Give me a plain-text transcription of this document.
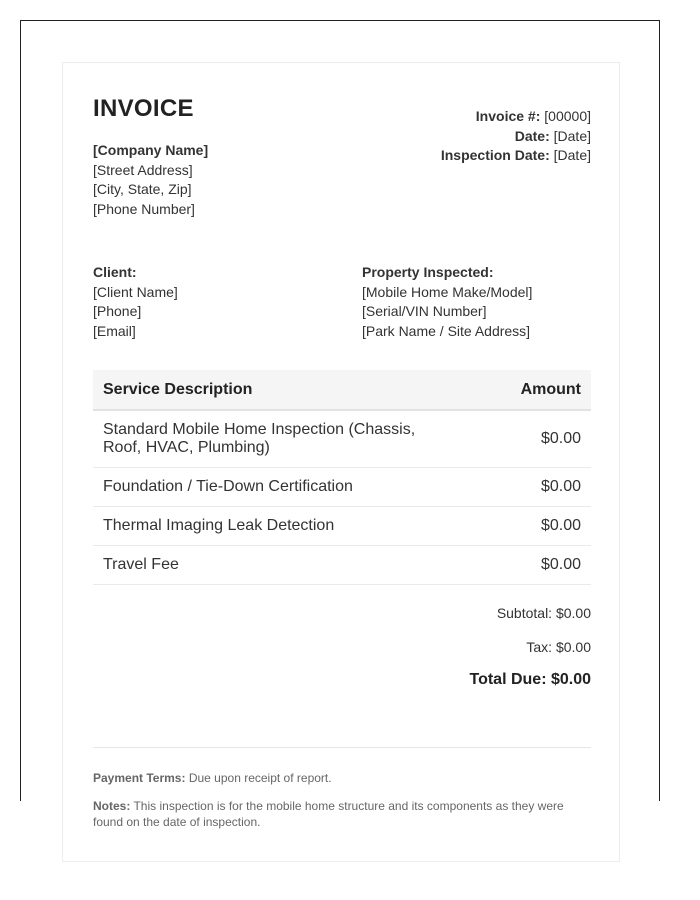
INVOICE
[Company Name]
[Street Address]
[City, State, Zip]
[Phone Number]
Invoice #: [00000]
Date: [Date]
Inspection Date: [Date]
Client:
[Client Name]
[Phone]
[Email]
Property Inspected:
[Mobile Home Make/Model]
[Serial/VIN Number]
[Park Name / Site Address]
Service Description	Amount
Standard Mobile Home Inspection (Chassis, Roof, HVAC, Plumbing)	$0.00
Foundation / Tie-Down Certification	$0.00
Thermal Imaging Leak Detection	$0.00
Travel Fee	$0.00
Subtotal: $0.00
Tax: $0.00
Total Due: $0.00
Payment Terms: Due upon receipt of report.
Notes: This inspection is for the mobile home structure and its components as they were found on the date of inspection.
